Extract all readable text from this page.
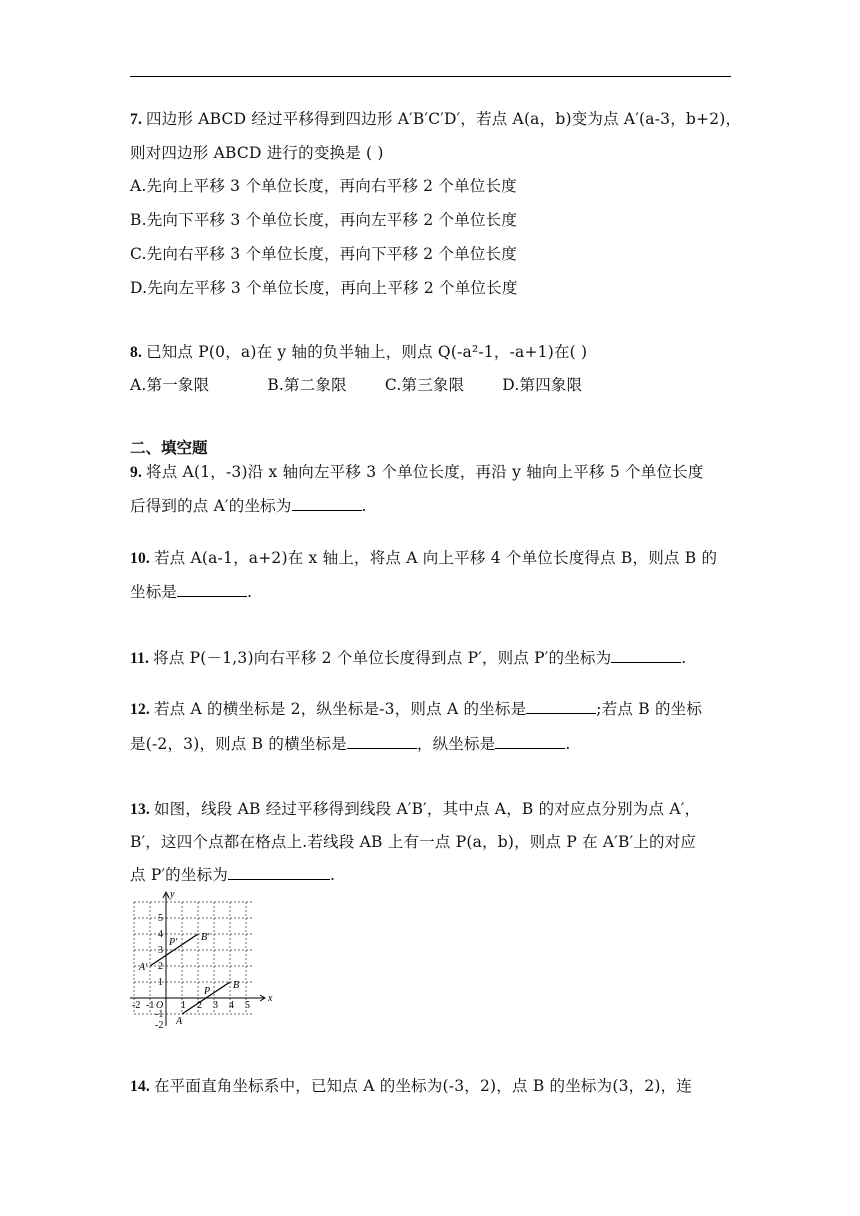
7. 四边形 ABCD 经过平移得到四边形 A′B′C′D′，若点 A(a，b)变为点 A′(a-3，b+2)，
则对四边形 ABCD 进行的变换是 ( )
A.先向上平移 3 个单位长度，再向右平移 2 个单位长度
B.先向下平移 3 个单位长度，再向左平移 2 个单位长度
C.先向右平移 3 个单位长度，再向下平移 2 个单位长度
D.先向左平移 3 个单位长度，再向上平移 2 个单位长度
8. 已知点 P(0，a)在 y 轴的负半轴上，则点 Q(-a²-1，-a+1)在( )
A.第一象限	B.第二象限 C.第三象限 D.第四象限
二、填空题
9. 将点 A(1，-3)沿 x 轴向左平移 3 个单位长度，再沿 y 轴向上平移 5 个单位长度
后得到的点 A′的坐标为	.
10. 若点 A(a-1，a+2)在 x 轴上，将点 A 向上平移 4 个单位长度得点 B，则点 B 的
坐标是	.
11. 将点 P(－1,3)向右平移 2 个单位长度得到点 P′，则点 P′的坐标为	.
12. 若点 A 的横坐标是 2，纵坐标是-3，则点 A 的坐标是	;若点 B 的坐标
是(-2，3)，则点 B 的横坐标是	，纵坐标是	.
13. 如图，线段 AB 经过平移得到线段 A′B′，其中点 A，B 的对应点分别为点 A′，
B′，这四个点都在格点上.若线段 AB 上有一点 P(a，b)，则点 P 在 A′B′上的对应
点 P′的坐标为	.
x
y
O
-2 -1	1 2 3 4 5
5
4
3
2
1
-1
-2
A′
B′
P′
A
B
P
14. 在平面直角坐标系中，已知点 A 的坐标为(-3，2)，点 B 的坐标为(3，2)，连
